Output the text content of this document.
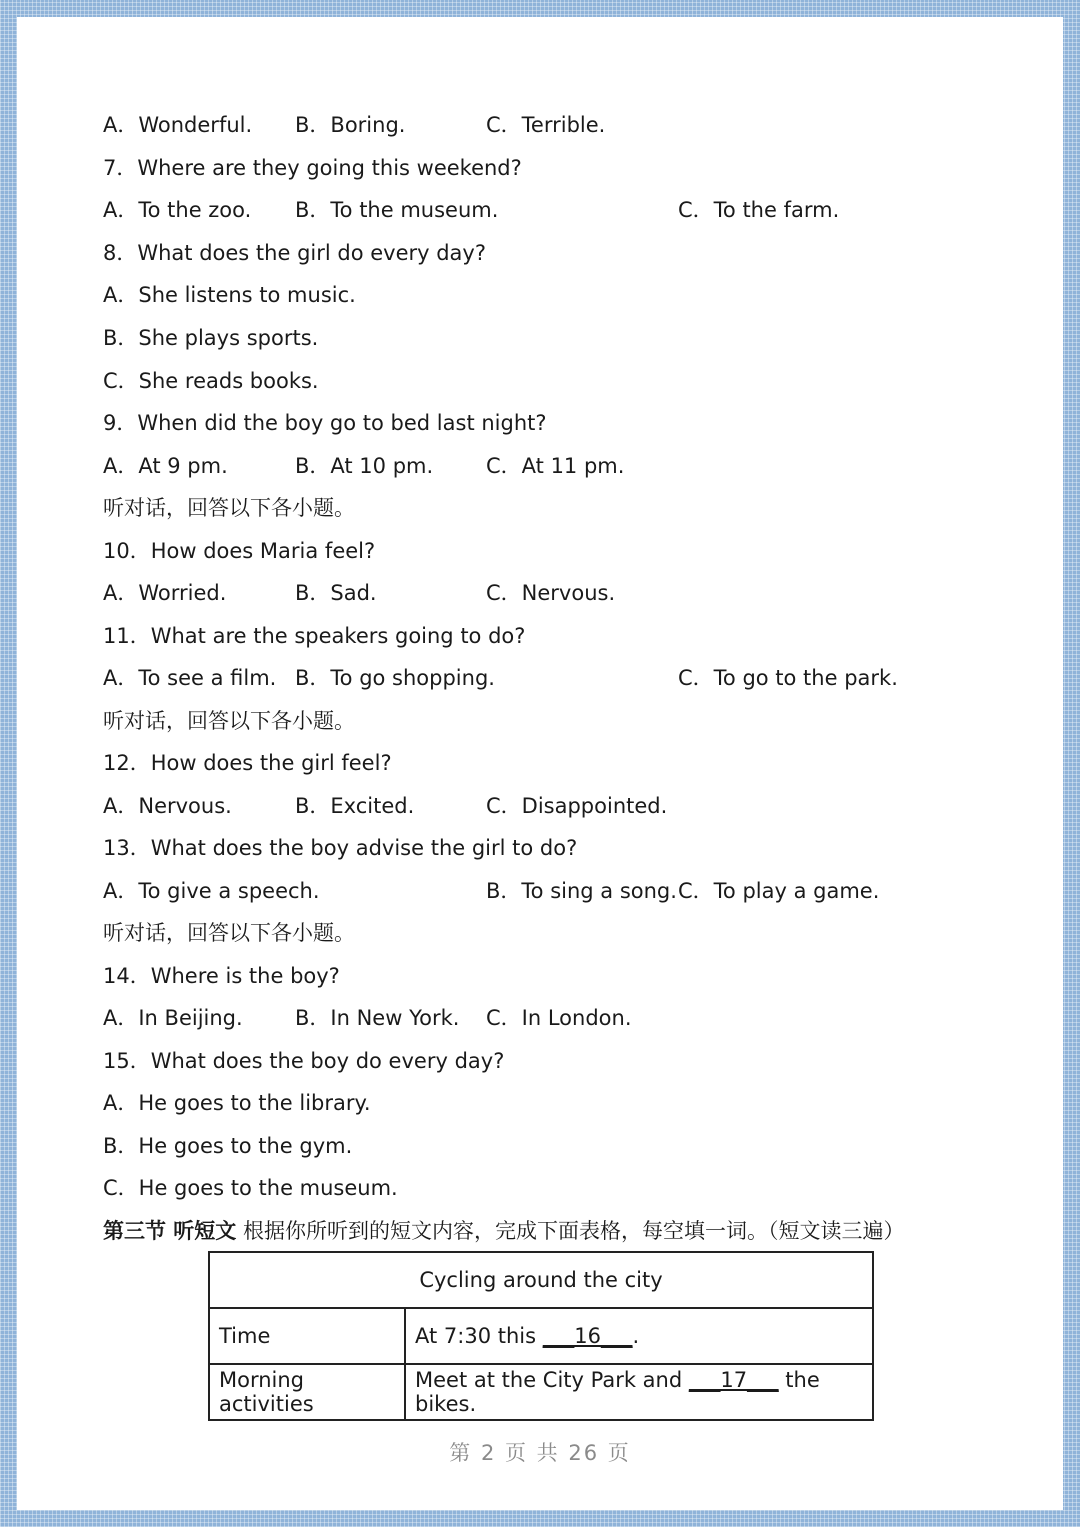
A．Wonderful. B．Boring.	C．Terrible.
7．Where are they going this weekend?
A．To the zoo. B．To the museum.	C．To the farm.
8．What does the girl do every day?
A．She listens to music.
B．She plays sports.
C．She reads books.
9．When did the boy go to bed last night?
A．At 9 pm.	B．At 10 pm.	C．At 11 pm.
听对话，回答以下各小题。
10．How does Maria feel?
A．Worried.	B．Sad.	C．Nervous.
11．What are the speakers going to do?
A．To see a film. B．To go shopping.	C．To go to the park.
听对话，回答以下各小题。
12．How does the girl feel?
A．Nervous.	B．Excited.	C．Disappointed.
13．What does the boy advise the girl to do?
A．To give a speech.	B．To sing a song. C．To play a game.
听对话，回答以下各小题。
14．Where is the boy?
A．In Beijing. B．In New York. C．In London.
15．What does the boy do every day?
A．He goes to the library.
B．He goes to the gym.
C．He goes to the museum.
第三节 听短文 根据你所听到的短文内容，完成下面表格，每空填一词。（短文读三遍）
Cycling around the city	
Time	At 7:30 this ___16___.
Morning activities	Meet at the City Park and ___17___ the bikes.
第 2 页 共 26 页
